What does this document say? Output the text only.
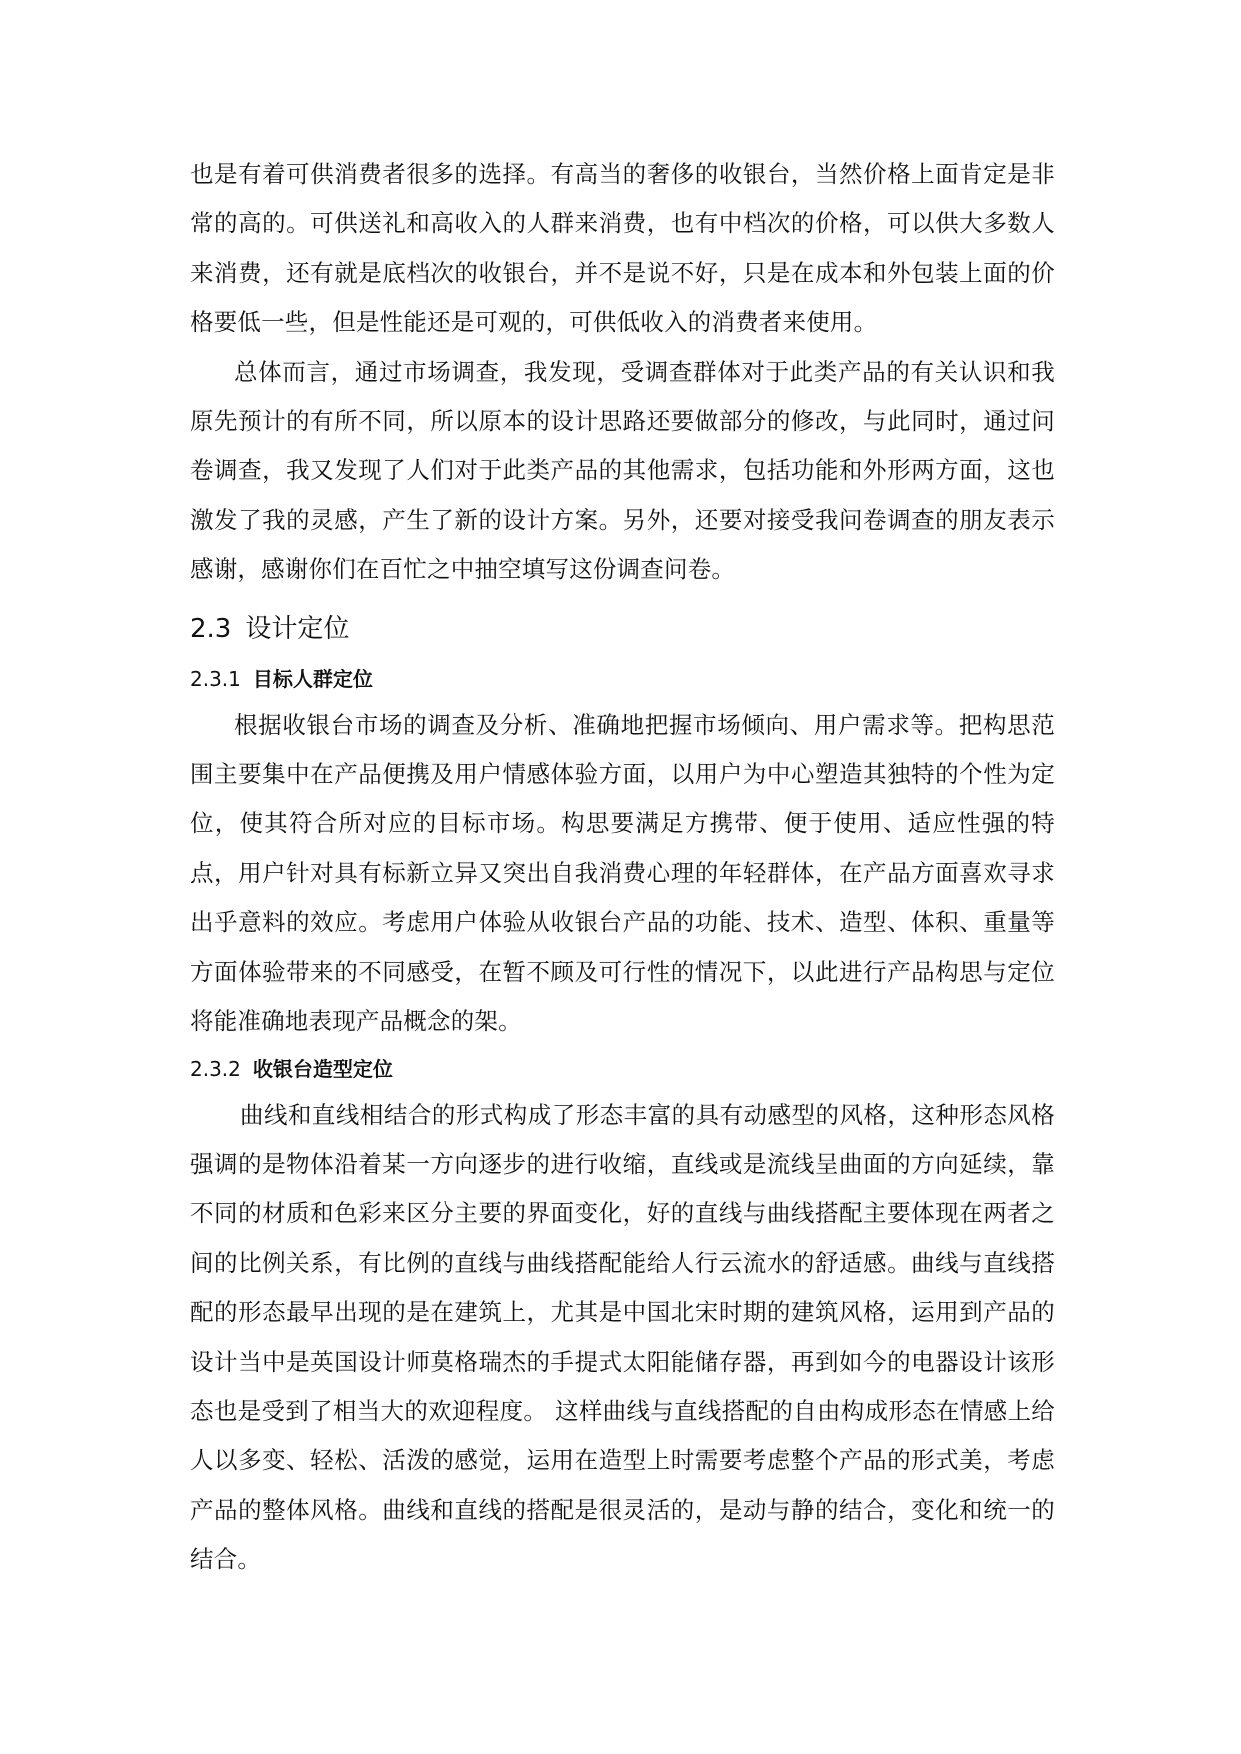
也是有着可供消费者很多的选择。有高当的奢侈的收银台，当然价格上面肯定是非常的高的。可供送礼和高收入的人群来消费，也有中档次的价格，可以供大多数人来消费，还有就是底档次的收银台，并不是说不好，只是在成本和外包装上面的价格要低一些，但是性能还是可观的，可供低收入的消费者来使用。

总体而言，通过市场调查，我发现，受调查群体对于此类产品的有关认识和我原先预计的有所不同，所以原本的设计思路还要做部分的修改，与此同时，通过问卷调查，我又发现了人们对于此类产品的其他需求，包括功能和外形两方面，这也激发了我的灵感，产生了新的设计方案。另外，还要对接受我问卷调查的朋友表示感谢，感谢你们在百忙之中抽空填写这份调查问卷。

2.3 设计定位
2.3.1 目标人群定位

根据收银台市场的调查及分析、准确地把握市场倾向、用户需求等。把构思范围主要集中在产品便携及用户情感体验方面，以用户为中心塑造其独特的个性为定位，使其符合所对应的目标市场。构思要满足方携带、便于使用、适应性强的特点，用户针对具有标新立异又突出自我消费心理的年轻群体，在产品方面喜欢寻求出乎意料的效应。考虑用户体验从收银台产品的功能、技术、造型、体积、重量等方面体验带来的不同感受，在暂不顾及可行性的情况下，以此进行产品构思与定位将能准确地表现产品概念的架。

2.3.2 收银台造型定位

曲线和直线相结合的形式构成了形态丰富的具有动感型的风格，这种形态风格强调的是物体沿着某一方向逐步的进行收缩，直线或是流线呈曲面的方向延续，靠不同的材质和色彩来区分主要的界面变化，好的直线与曲线搭配主要体现在两者之间的比例关系，有比例的直线与曲线搭配能给人行云流水的舒适感。曲线与直线搭配的形态最早出现的是在建筑上，尤其是中国北宋时期的建筑风格，运用到产品的设计当中是英国设计师莫格瑞杰的手提式太阳能储存器，再到如今的电器设计该形态也是受到了相当大的欢迎程度。 这样曲线与直线搭配的自由构成形态在情感上给人以多变、轻松、活泼的感觉，运用在造型上时需要考虑整个产品的形式美，考虑产品的整体风格。曲线和直线的搭配是很灵活的，是动与静的结合，变化和统一的结合。
